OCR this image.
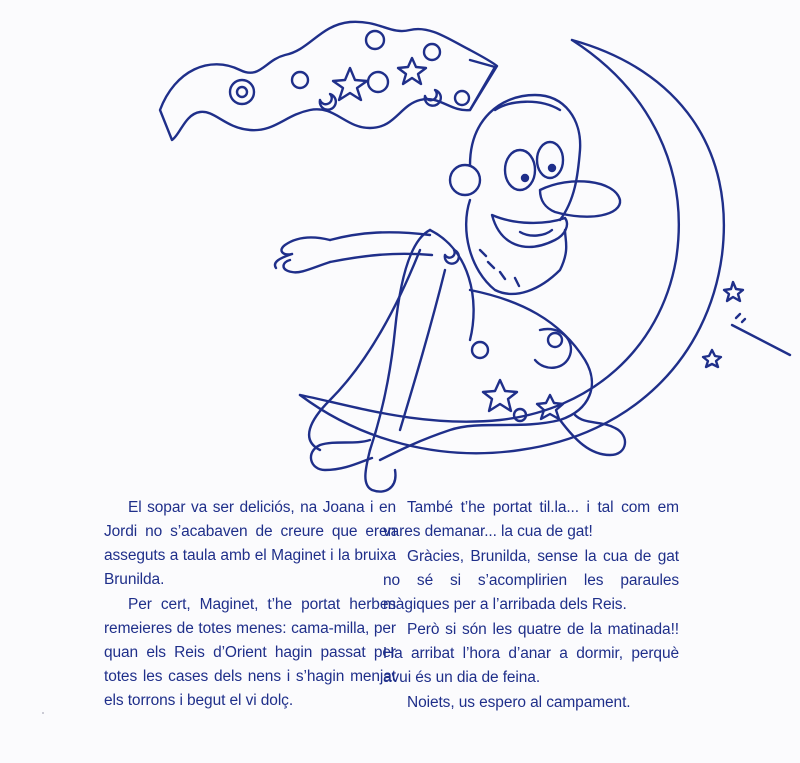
El sopar va ser deliciós, na Joana i en Jordi no s’acabaven de creure que eren asseguts a taula amb el Maginet i la bruixa Brunilda.

Per cert, Maginet, t’he portat herbes remeieres de totes menes: cama-milla, per quan els Reis d’Orient hagin passat per totes les cases dels nens i s’hagin menjat els torrons i begut el vi dolç.

També t’he portat til.la... i tal com em vares demanar... la cua de gat!

Gràcies, Brunilda, sense la cua de gat no sé si s’acomplirien les paraules màgiques per a l’arribada dels Reis.

Però si són les quatre de la matinada!! Ha arribat l’hora d’anar a dormir, perquè avui és un dia de feina.

Noiets, us espero al campament.
